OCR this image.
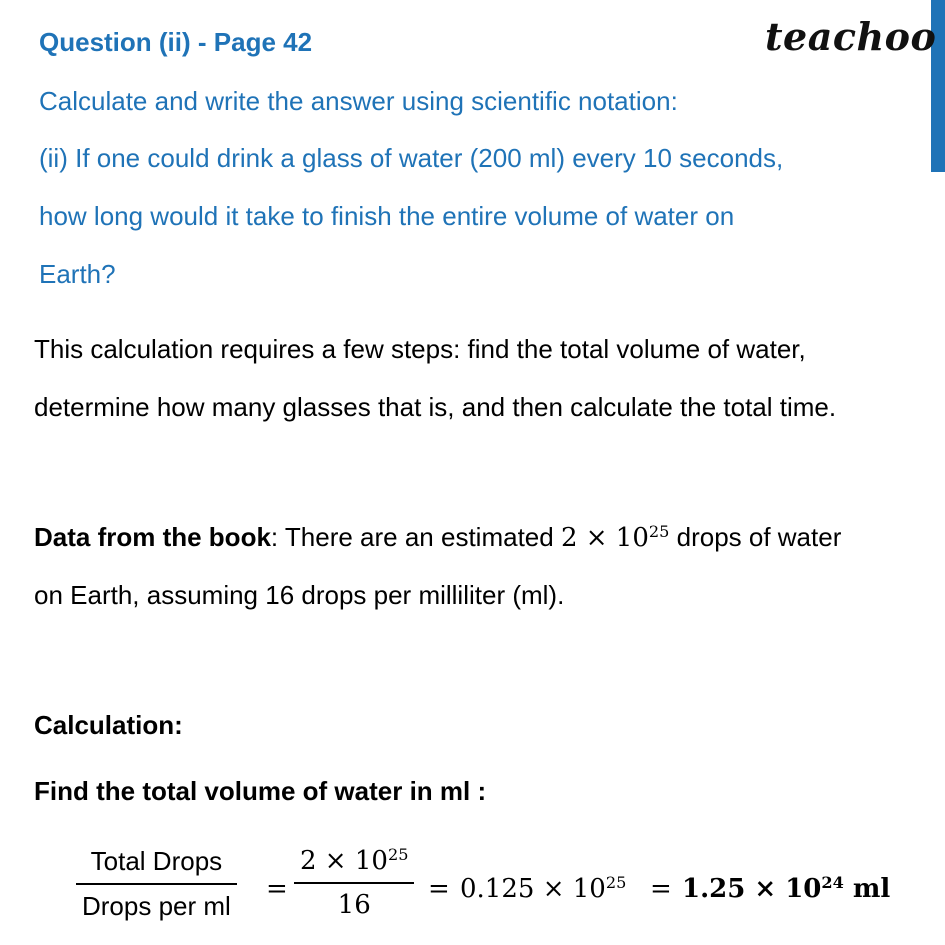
teachoo
Question (ii) - Page 42
Calculate and write the answer using scientific notation:
(ii) If one could drink a glass of water (200 ml) every 10 seconds,
how long would it take to finish the entire volume of water on
Earth?
This calculation requires a few steps: find the total volume of water,
determine how many glasses that is, and then calculate the total time.
Data from the book: There are an estimated $2 \times 10^{25}$ drops of water
on Earth, assuming 16 drops per milliliter (ml).
Calculation:
Find the total volume of water in ml :
Total Drops
Drops per ml
= $\frac{2 \times 10^{25}}{16} = 0.125 \times 10^{25} = 1.25 \times 10^{24}$ ml
